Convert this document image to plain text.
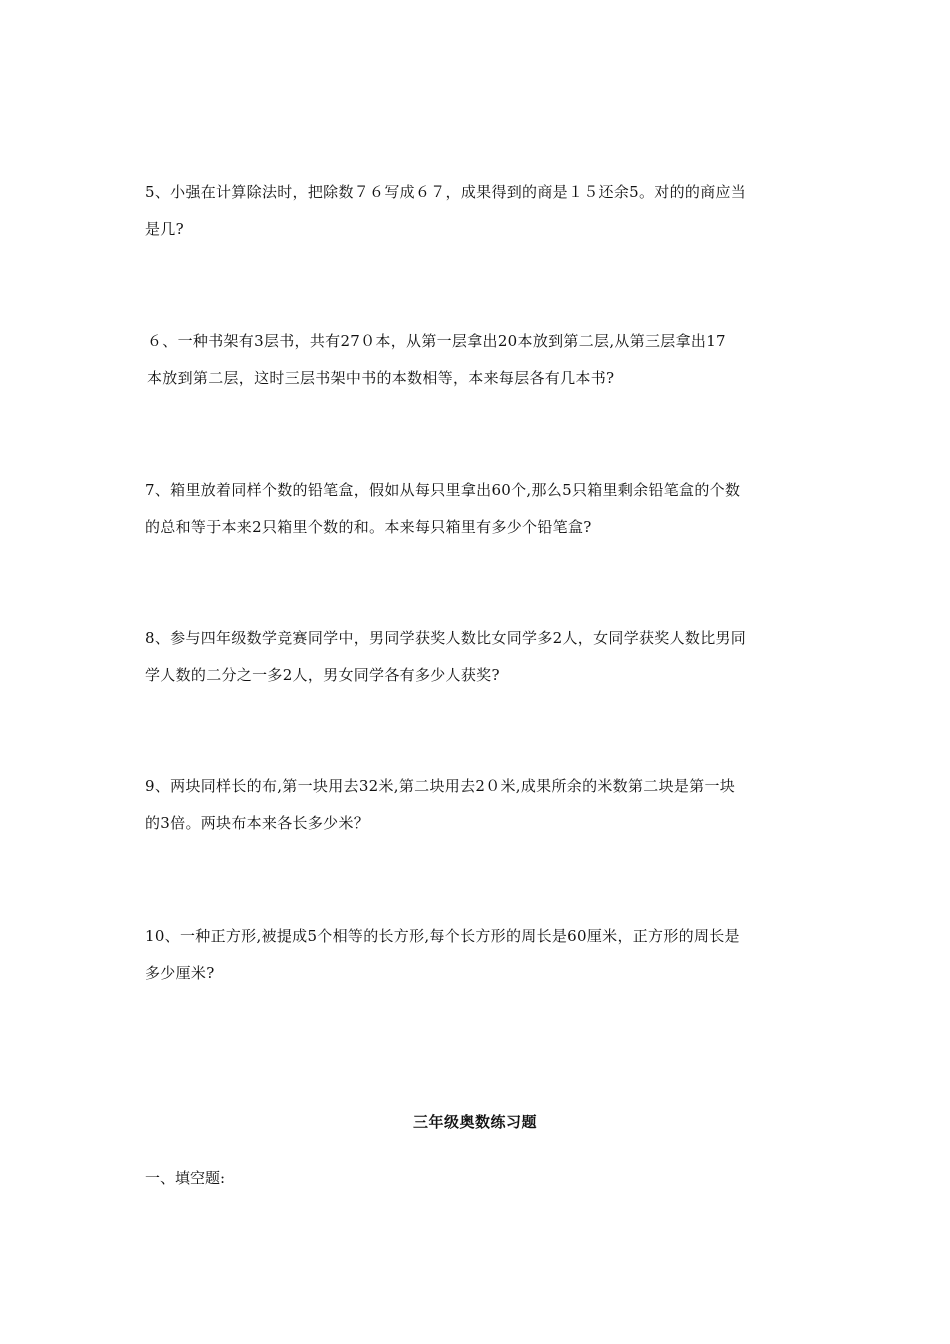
5、小强在计算除法时，把除数７６写成６７，成果得到的商是１５还余5。对的的商应当
是几?
６、一种书架有3层书，共有27０本，从第一层拿出20本放到第二层,从第三层拿出17
本放到第二层，这时三层书架中书的本数相等，本来每层各有几本书?
7、箱里放着同样个数的铅笔盒，假如从每只里拿出60个,那么5只箱里剩余铅笔盒的个数
的总和等于本来2只箱里个数的和。本来每只箱里有多少个铅笔盒?
8、参与四年级数学竞赛同学中，男同学获奖人数比女同学多2人，女同学获奖人数比男同
学人数的二分之一多2人，男女同学各有多少人获奖?
9、两块同样长的布,第一块用去32米,第二块用去2０米,成果所余的米数第二块是第一块
的3倍。两块布本来各长多少米？
10、一种正方形,被提成5个相等的长方形,每个长方形的周长是60厘米，正方形的周长是
多少厘米?
三年级奥数练习题
一、填空题:
